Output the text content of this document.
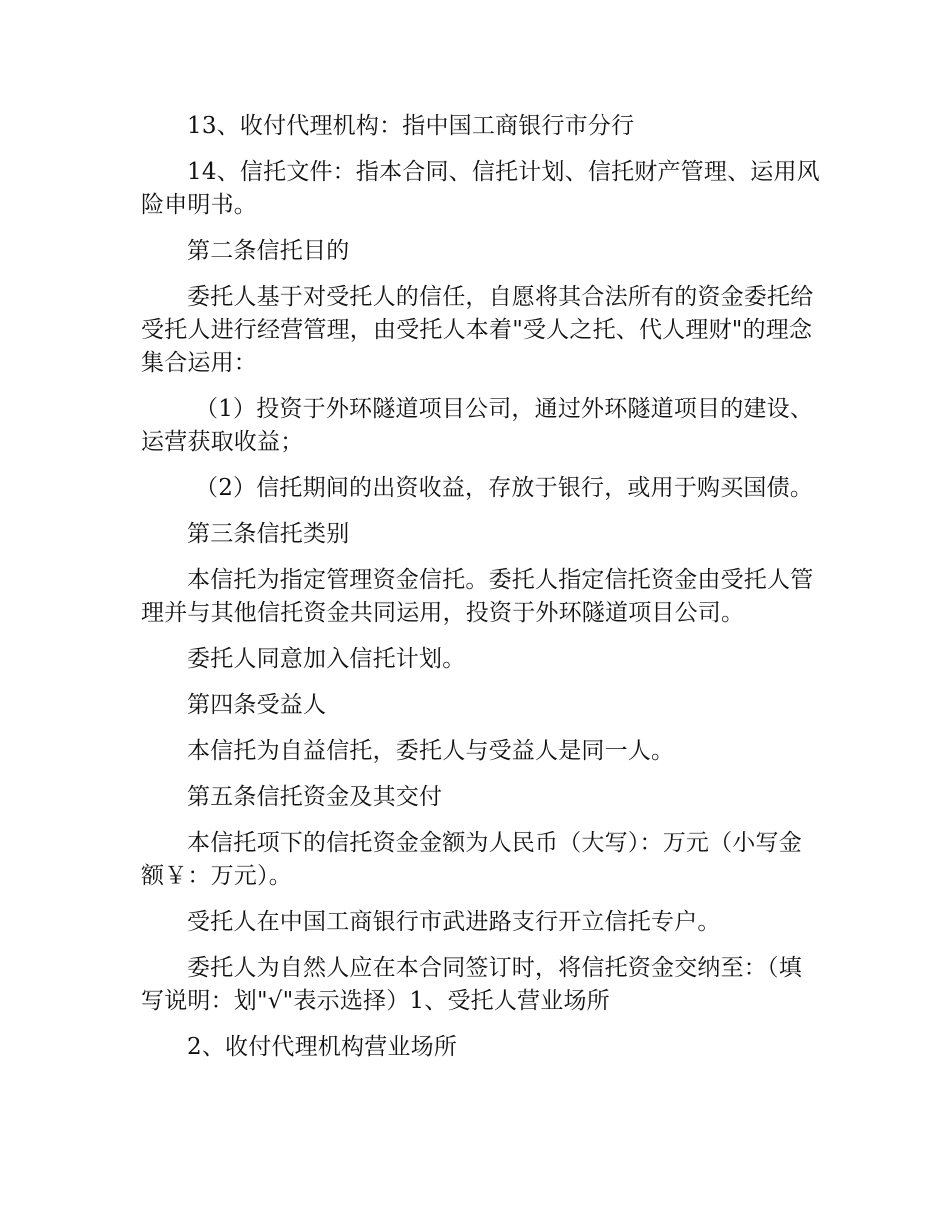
13、收付代理机构：指中国工商银行市分行

14、信托文件：指本合同、信托计划、信托财产管理、运用风险申明书。

第二条信托目的

委托人基于对受托人的信任，自愿将其合法所有的资金委托给受托人进行经营管理，由受托人本着"受人之托、代人理财"的理念集合运用：

（1）投资于外环隧道项目公司，通过外环隧道项目的建设、运营获取收益；

（2）信托期间的出资收益，存放于银行，或用于购买国债。

第三条信托类别

本信托为指定管理资金信托。委托人指定信托资金由受托人管理并与其他信托资金共同运用，投资于外环隧道项目公司。

委托人同意加入信托计划。

第四条受益人

本信托为自益信托，委托人与受益人是同一人。

第五条信托资金及其交付

本信托项下的信托资金金额为人民币（大写）：万元（小写金额￥：万元）。

受托人在中国工商银行市武进路支行开立信托专户。

委托人为自然人应在本合同签订时，将信托资金交纳至：（填写说明：划"√"表示选择）1、受托人营业场所

2、收付代理机构营业场所
